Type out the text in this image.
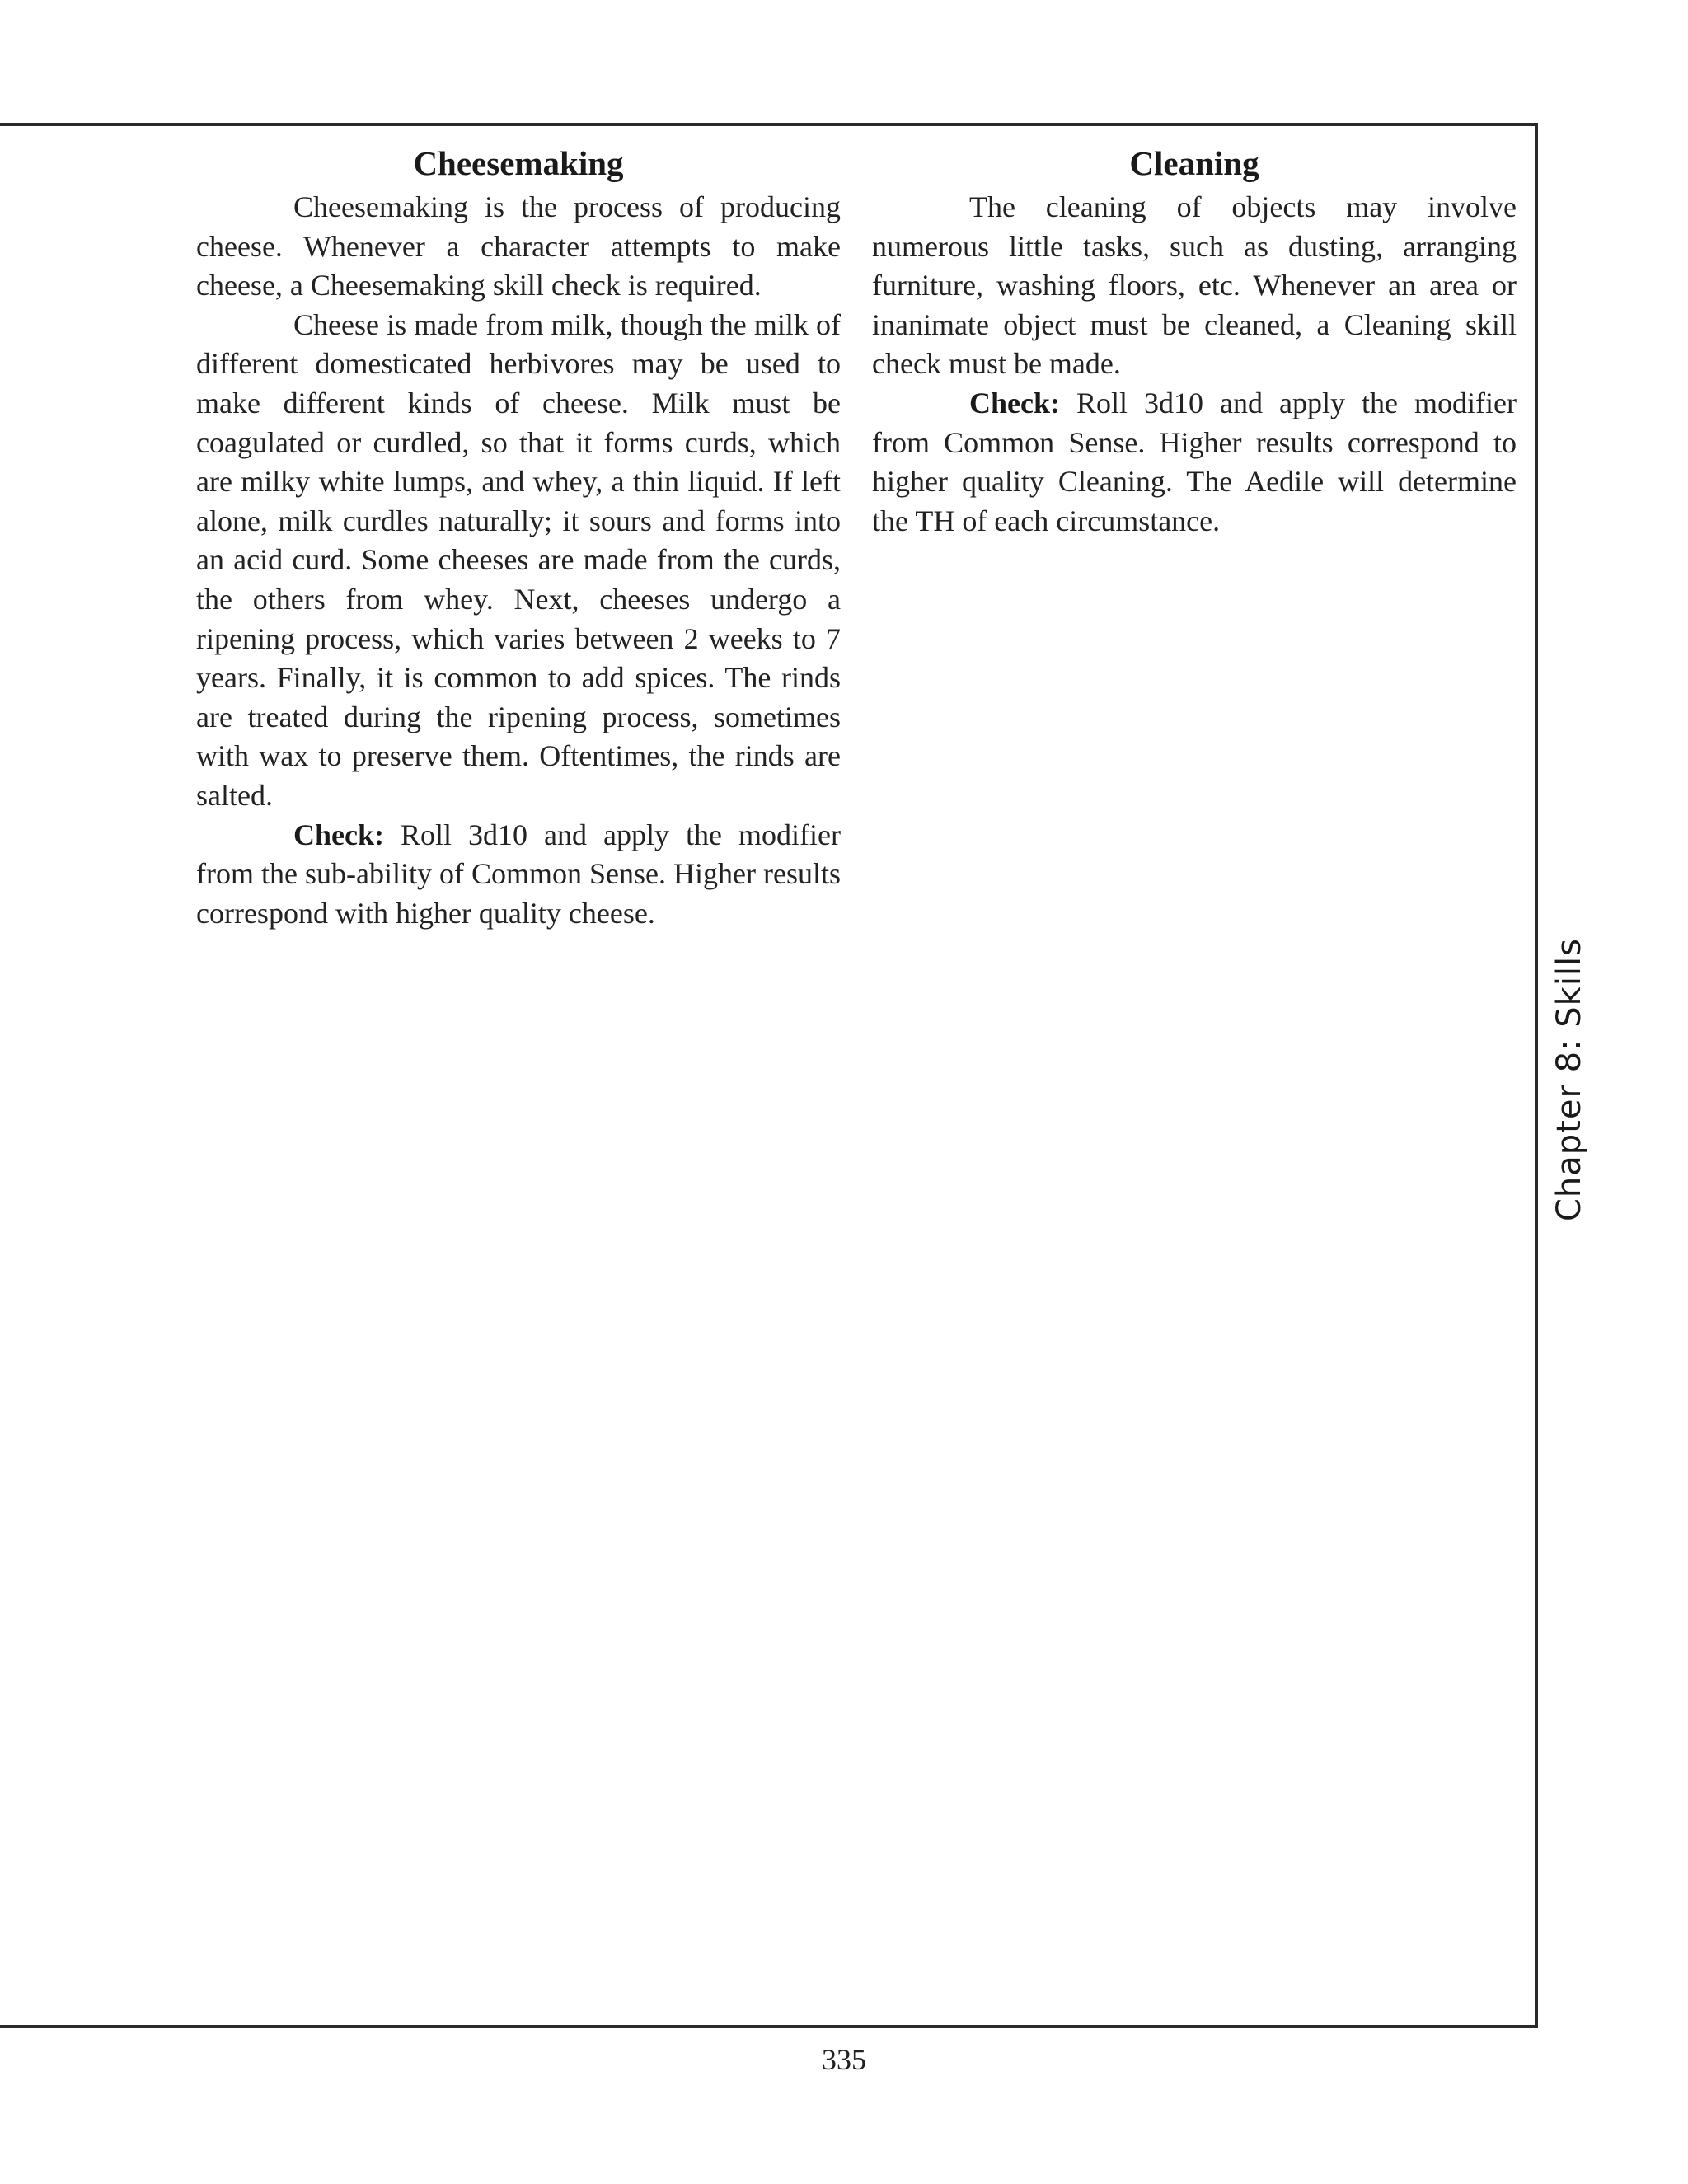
Cheesemaking

Cheesemaking is the process of producing cheese. Whenever a character attempts to make cheese, a Cheesemaking skill check is required.

Cheese is made from milk, though the milk of different domesticated herbivores may be used to make different kinds of cheese. Milk must be coagulated or curdled, so that it forms curds, which are milky white lumps, and whey, a thin liquid. If left alone, milk curdles naturally; it sours and forms into an acid curd. Some cheeses are made from the curds, the others from whey. Next, cheeses undergo a ripening process, which varies between 2 weeks to 7 years. Finally, it is common to add spices. The rinds are treated during the ripening process, sometimes with wax to preserve them. Oftentimes, the rinds are salted.

Check: Roll 3d10 and apply the modifier from the sub-ability of Common Sense. Higher results correspond with higher quality cheese.

Cleaning

The cleaning of objects may involve numerous little tasks, such as dusting, arranging furniture, washing floors, etc. Whenever an area or inanimate object must be cleaned, a Cleaning skill check must be made.

Check: Roll 3d10 and apply the modifier from Common Sense. Higher results correspond to higher quality Cleaning. The Aedile will determine the TH of each circumstance.

Chapter 8: Skills
335
